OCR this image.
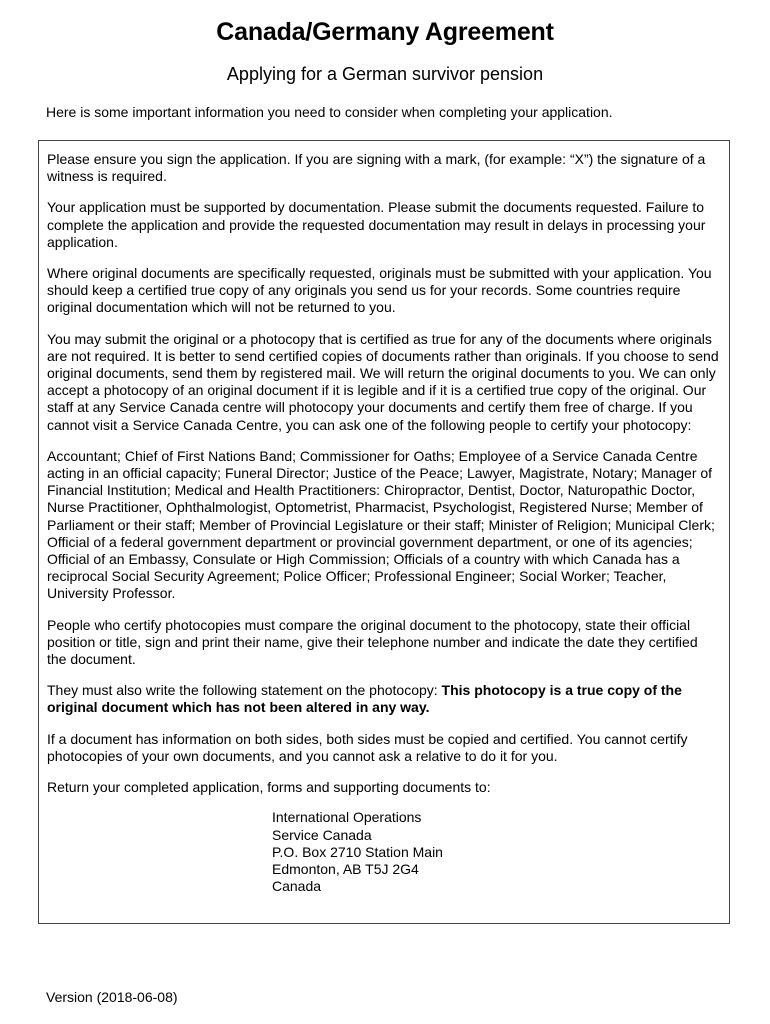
Canada/Germany Agreement
Applying for a German survivor pension
Here is some important information you need to consider when completing your application.

Please ensure you sign the application. If you are signing with a mark, (for example: “X”) the signature of a witness is required.

Your application must be supported by documentation. Please submit the documents requested. Failure to complete the application and provide the requested documentation may result in delays in processing your application.

Where original documents are specifically requested, originals must be submitted with your application. You should keep a certified true copy of any originals you send us for your records. Some countries require original documentation which will not be returned to you.

You may submit the original or a photocopy that is certified as true for any of the documents where originals are not required. It is better to send certified copies of documents rather than originals. If you choose to send original documents, send them by registered mail. We will return the original documents to you. We can only accept a photocopy of an original document if it is legible and if it is a certified true copy of the original. Our staff at any Service Canada centre will photocopy your documents and certify them free of charge. If you cannot visit a Service Canada Centre, you can ask one of the following people to certify your photocopy:

Accountant; Chief of First Nations Band; Commissioner for Oaths; Employee of a Service Canada Centre acting in an official capacity; Funeral Director; Justice of the Peace; Lawyer, Magistrate, Notary; Manager of Financial Institution; Medical and Health Practitioners: Chiropractor, Dentist, Doctor, Naturopathic Doctor, Nurse Practitioner, Ophthalmologist, Optometrist, Pharmacist, Psychologist, Registered Nurse; Member of Parliament or their staff; Member of Provincial Legislature or their staff; Minister of Religion; Municipal Clerk; Official of a federal government department or provincial government department, or one of its agencies; Official of an Embassy, Consulate or High Commission; Officials of a country with which Canada has a reciprocal Social Security Agreement; Police Officer; Professional Engineer; Social Worker; Teacher, University Professor.

People who certify photocopies must compare the original document to the photocopy, state their official position or title, sign and print their name, give their telephone number and indicate the date they certified the document.

They must also write the following statement on the photocopy: This photocopy is a true copy of the original document which has not been altered in any way.

If a document has information on both sides, both sides must be copied and certified. You cannot certify photocopies of your own documents, and you cannot ask a relative to do it for you.

Return your completed application, forms and supporting documents to:

International Operations
Service Canada
P.O. Box 2710 Station Main
Edmonton, AB T5J 2G4
Canada
Version (2018-06-08)
